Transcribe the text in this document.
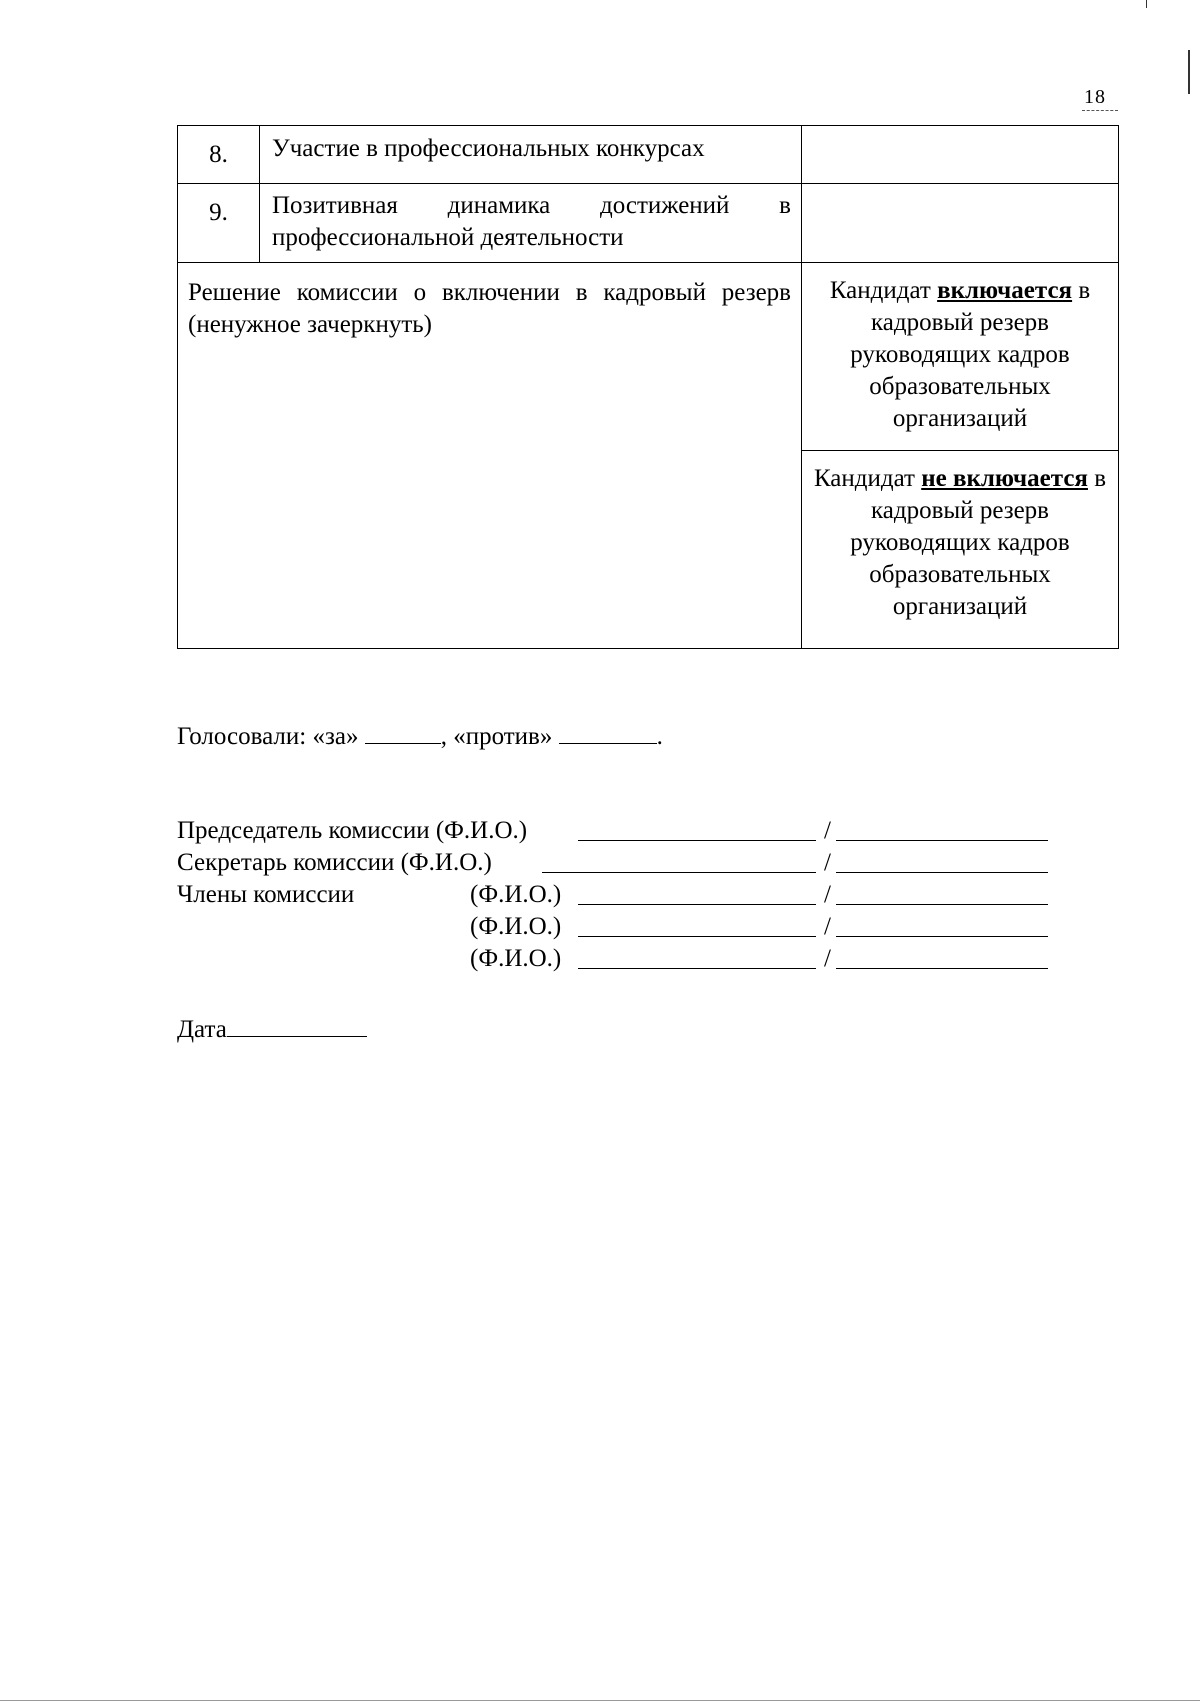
18
8.	Участие в профессиональных конкурсах	
9.	Позитивная динамика достижений в профессиональной деятельности	
Решение комиссии о включении в кадровый резерв (ненужное зачеркнуть)		Кандидат включается в кадровый резерв руководящих кадров образовательных организаций
		Кандидат не включается в кадровый резерв руководящих кадров образовательных организаций
Голосовали: «за»	, «против»	.
Председатель комиссии (Ф.И.О.)	/
Секретарь комиссии (Ф.И.О.)	/
Члены комиссии	(Ф.И.О.)	/
(Ф.И.О.)	/
(Ф.И.О.)	/
Дата
